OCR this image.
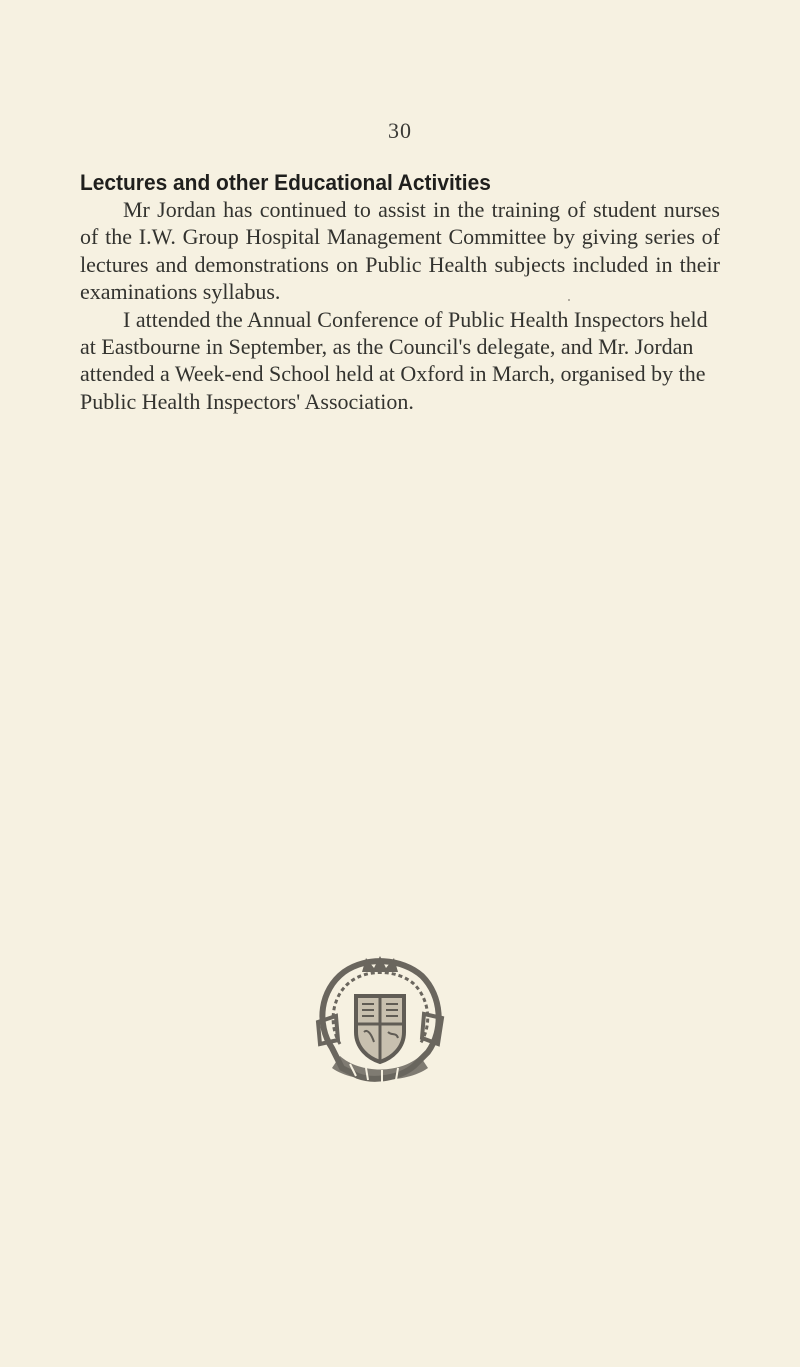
30
Lectures and other Educational Activities

Mr Jordan has continued to assist in the training of student nurses of the I.W. Group Hospital Management Committee by giving series of lectures and demonstrations on Public Health subjects included in their examinations syllabus.

I attended the Annual Conference of Public Health Inspectors held at Eastbourne in September, as the Council's delegate, and Mr. Jordan attended a Week-end School held at Oxford in March, organised by the Public Health Inspectors' Association.
